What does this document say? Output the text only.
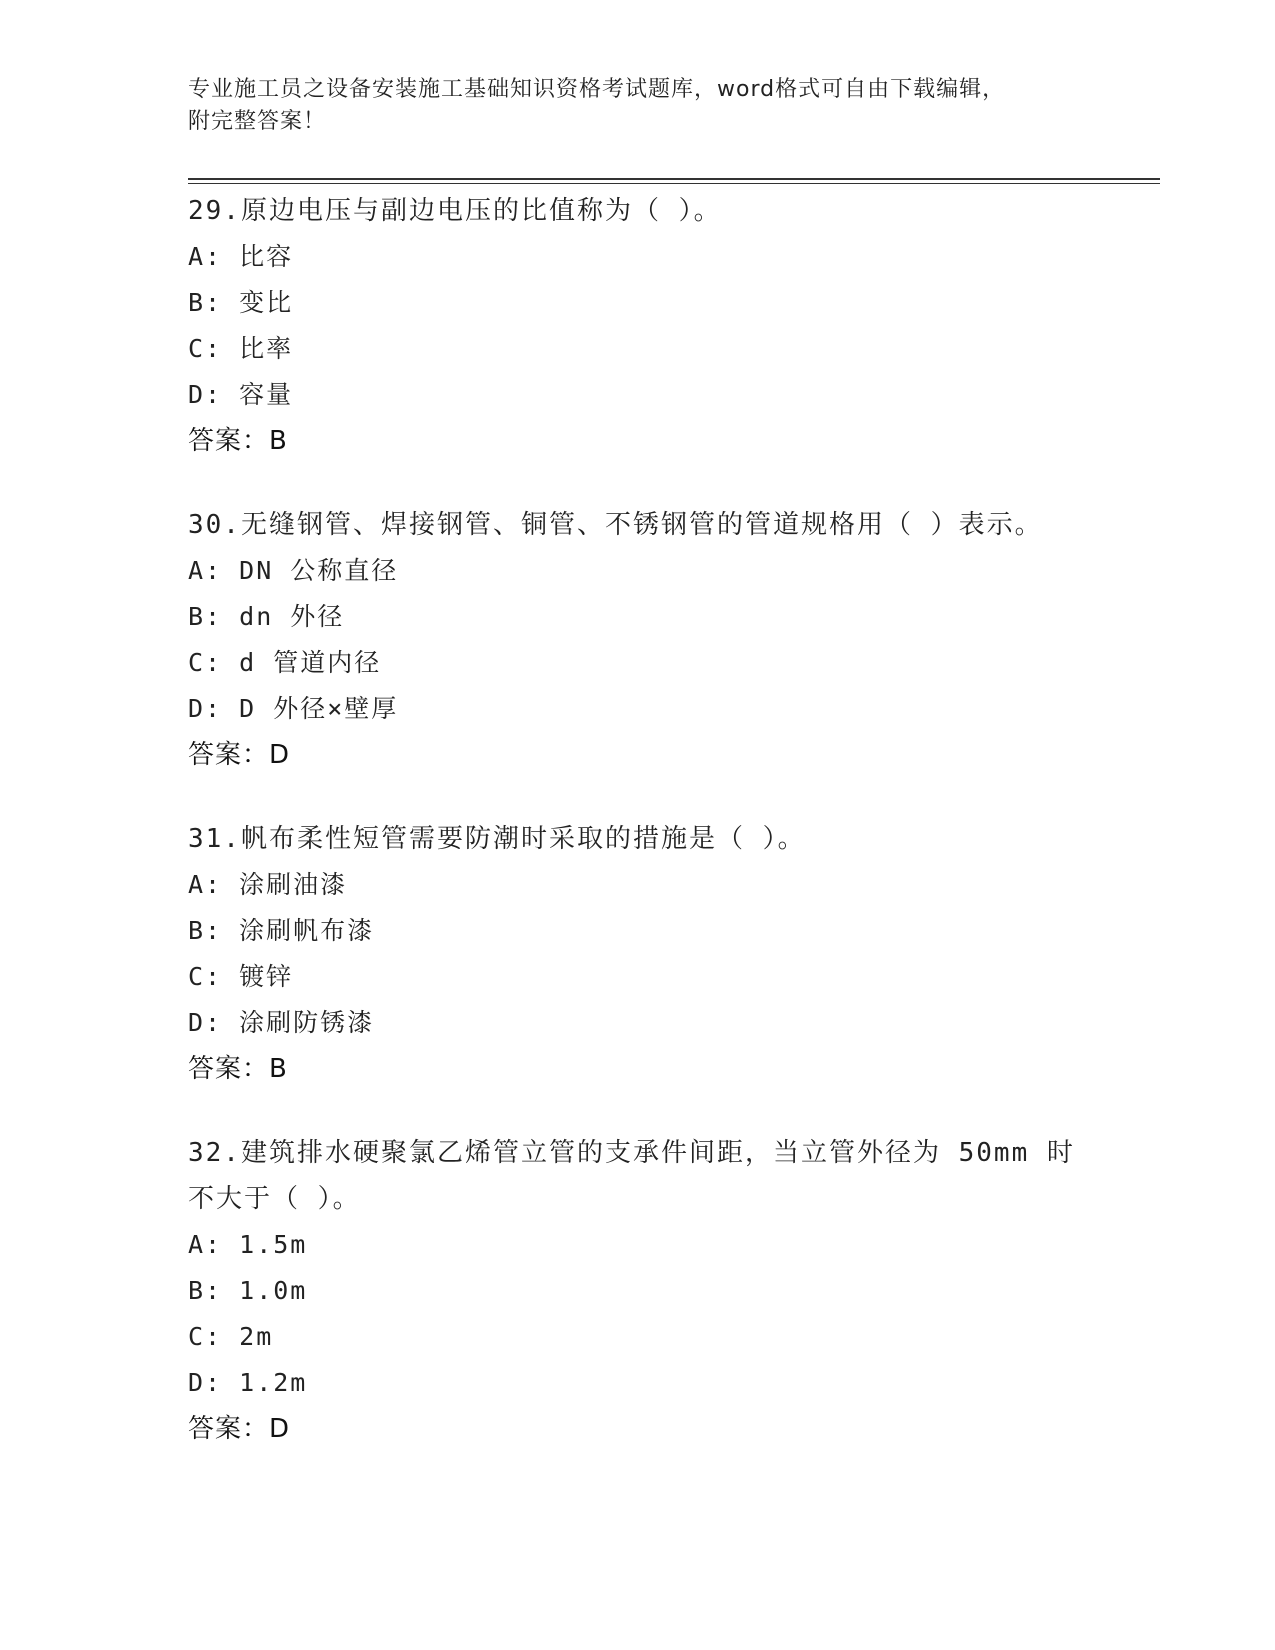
专业施工员之设备安装施工基础知识资格考试题库，word格式可自由下载编辑，
附完整答案！
29.原边电压与副边电压的比值称为（ ）。
A: 比容
B: 变比
C: 比率
D: 容量
答案：B
30.无缝钢管、焊接钢管、铜管、不锈钢管的管道规格用（ ）表示。
A: DN 公称直径
B: dn 外径
C: d 管道内径
D: D 外径×壁厚
答案：D
31.帆布柔性短管需要防潮时采取的措施是（ ）。
A: 涂刷油漆
B: 涂刷帆布漆
C: 镀锌
D: 涂刷防锈漆
答案：B
32.建筑排水硬聚氯乙烯管立管的支承件间距，当立管外径为 50mm 时
不大于（ ）。
A: 1.5m
B: 1.0m
C: 2m
D: 1.2m
答案：D
